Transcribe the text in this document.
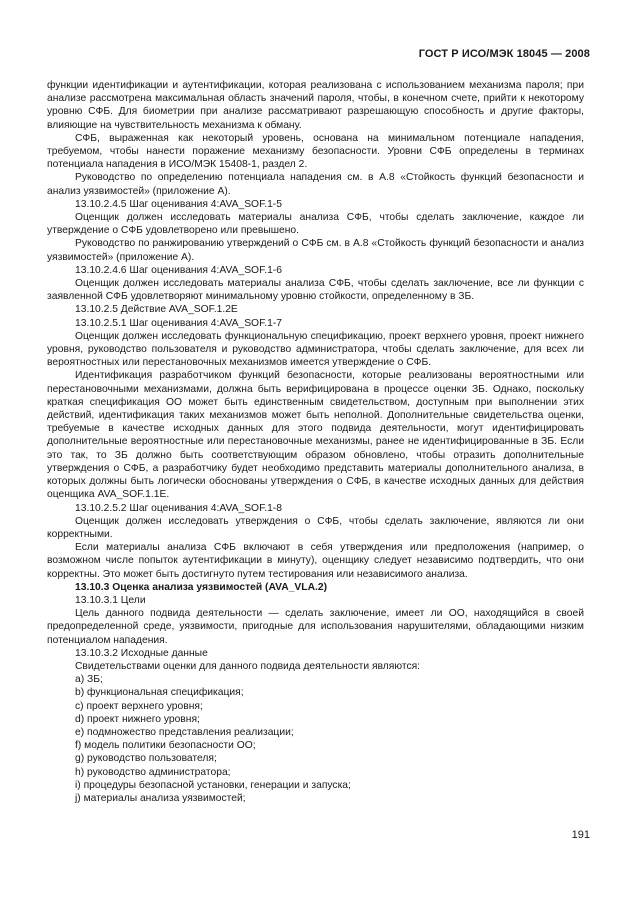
ГОСТ Р ИСО/МЭК 18045 — 2008

функции идентификации и аутентификации, которая реализована с использованием механизма пароля; при анализе рассмотрена максимальная область значений пароля, чтобы, в конечном счете, прийти к некоторому уровню СФБ. Для биометрии при анализе рассматривают разрешающую способность и другие факторы, влияющие на чувствительность механизма к обману.

СФБ, выраженная как некоторый уровень, основана на минимальном потенциале нападения, требуемом, чтобы нанести поражение механизму безопасности. Уровни СФБ определены в терминах потенциала нападения в ИСО/МЭК 15408-1, раздел 2.

Руководство по определению потенциала нападения см. в А.8 «Стойкость функций безопасности и анализ уязвимостей» (приложение А).

13.10.2.4.5 Шаг оценивания 4:AVA_SOF.1-5

Оценщик должен исследовать материалы анализа СФБ, чтобы сделать заключение, каждое ли утверждение о СФБ удовлетворено или превышено.

Руководство по ранжированию утверждений о СФБ см. в А.8 «Стойкость функций безопасности и анализ уязвимостей» (приложение А).

13.10.2.4.6 Шаг оценивания 4:AVA_SOF.1-6

Оценщик должен исследовать материалы анализа СФБ, чтобы сделать заключение, все ли функции с заявленной СФБ удовлетворяют минимальному уровню стойкости, определенному в ЗБ.

13.10.2.5 Действие AVA_SOF.1.2E

13.10.2.5.1 Шаг оценивания 4:AVA_SOF.1-7

Оценщик должен исследовать функциональную спецификацию, проект верхнего уровня, проект нижнего уровня, руководство пользователя и руководство администратора, чтобы сделать заключение, для всех ли вероятностных или перестановочных механизмов имеется утверждение о СФБ.

Идентификация разработчиком функций безопасности, которые реализованы вероятностными или перестановочными механизмами, должна быть верифицирована в процессе оценки ЗБ. Однако, поскольку краткая спецификация ОО может быть единственным свидетельством, доступным при выполнении этих действий, идентификация таких механизмов может быть неполной. Дополнительные свидетельства оценки, требуемые в качестве исходных данных для этого подвида деятельности, могут идентифицировать дополнительные вероятностные или перестановочные механизмы, ранее не идентифицированные в ЗБ. Если это так, то ЗБ должно быть соответствующим образом обновлено, чтобы отразить дополнительные утверждения о СФБ, а разработчику будет необходимо представить материалы дополнительного анализа, в которых должны быть логически обоснованы утверждения о СФБ, в качестве исходных данных для действия оценщика AVA_SOF.1.1E.

13.10.2.5.2 Шаг оценивания 4:AVA_SOF.1-8

Оценщик должен исследовать утверждения о СФБ, чтобы сделать заключение, являются ли они корректными.

Если материалы анализа СФБ включают в себя утверждения или предположения (например, о возможном числе попыток аутентификации в минуту), оценщику следует независимо подтвердить, что они корректны. Это может быть достигнуто путем тестирования или независимого анализа.

13.10.3 Оценка анализа уязвимостей (AVA_VLA.2)

13.10.3.1 Цели

Цель данного подвида деятельности — сделать заключение, имеет ли ОО, находящийся в своей предопределенной среде, уязвимости, пригодные для использования нарушителями, обладающими низким потенциалом нападения.

13.10.3.2 Исходные данные

Свидетельствами оценки для данного подвида деятельности являются:

a) ЗБ;

b) функциональная спецификация;

c) проект верхнего уровня;

d) проект нижнего уровня;

e) подмножество представления реализации;

f) модель политики безопасности ОО;

g) руководство пользователя;

h) руководство администратора;

i) процедуры безопасной установки, генерации и запуска;

j) материалы анализа уязвимостей;

191
